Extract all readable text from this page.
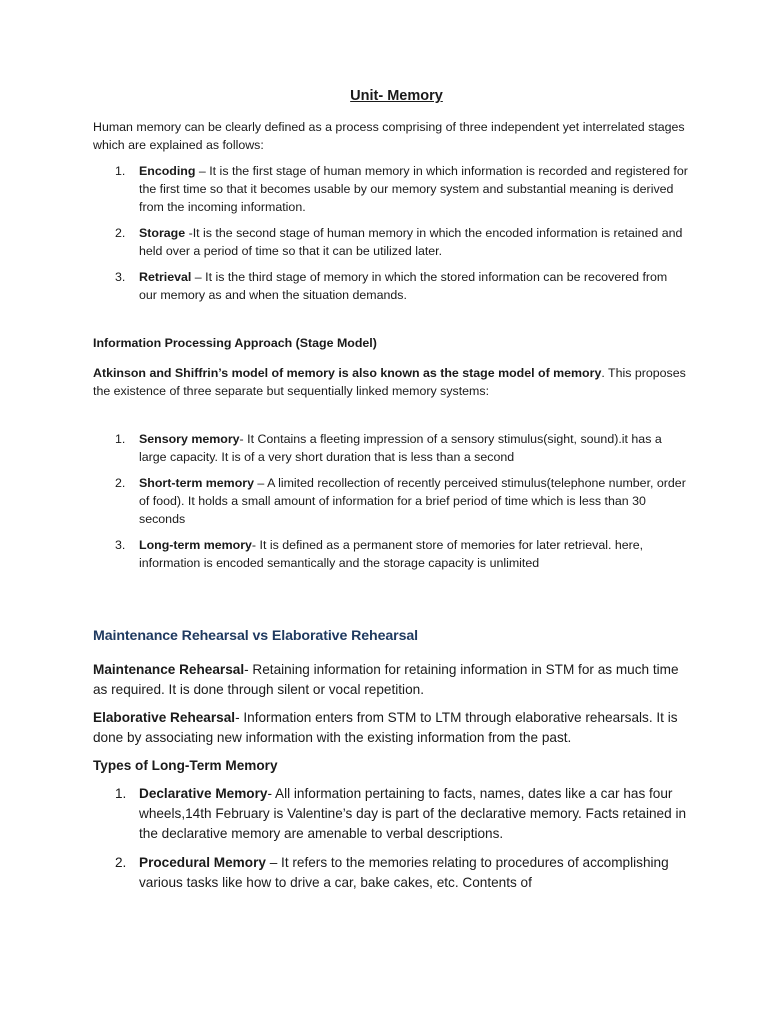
Unit- Memory

Human memory can be clearly defined as a process comprising of three independent yet interrelated stages which are explained as follows:

1. Encoding – It is the first stage of human memory in which information is recorded and registered for the first time so that it becomes usable by our memory system and substantial meaning is derived from the incoming information.
2. Storage -It is the second stage of human memory in which the encoded information is retained and held over a period of time so that it can be utilized later.
3. Retrieval – It is the third stage of memory in which the stored information can be recovered from our memory as and when the situation demands.

Information Processing Approach (Stage Model)

Atkinson and Shiffrin’s model of memory is also known as the stage model of memory. This proposes the existence of three separate but sequentially linked memory systems:

1. Sensory memory- It Contains a fleeting impression of a sensory stimulus(sight, sound).it has a large capacity. It is of a very short duration that is less than a second
2. Short-term memory – A limited recollection of recently perceived stimulus(telephone number, order of food). It holds a small amount of information for a brief period of time which is less than 30 seconds
3. Long-term memory- It is defined as a permanent store of memories for later retrieval. here, information is encoded semantically and the storage capacity is unlimited
Maintenance Rehearsal vs Elaborative Rehearsal

Maintenance Rehearsal- Retaining information for retaining information in STM for as much time as required. It is done through silent or vocal repetition.

Elaborative Rehearsal- Information enters from STM to LTM through elaborative rehearsals. It is done by associating new information with the existing information from the past.

Types of Long-Term Memory

1. Declarative Memory- All information pertaining to facts, names, dates like a car has four wheels,14th February is Valentine’s day is part of the declarative memory. Facts retained in the declarative memory are amenable to verbal descriptions.
2. Procedural Memory – It refers to the memories relating to procedures of accomplishing various tasks like how to drive a car, bake cakes, etc. Contents of
